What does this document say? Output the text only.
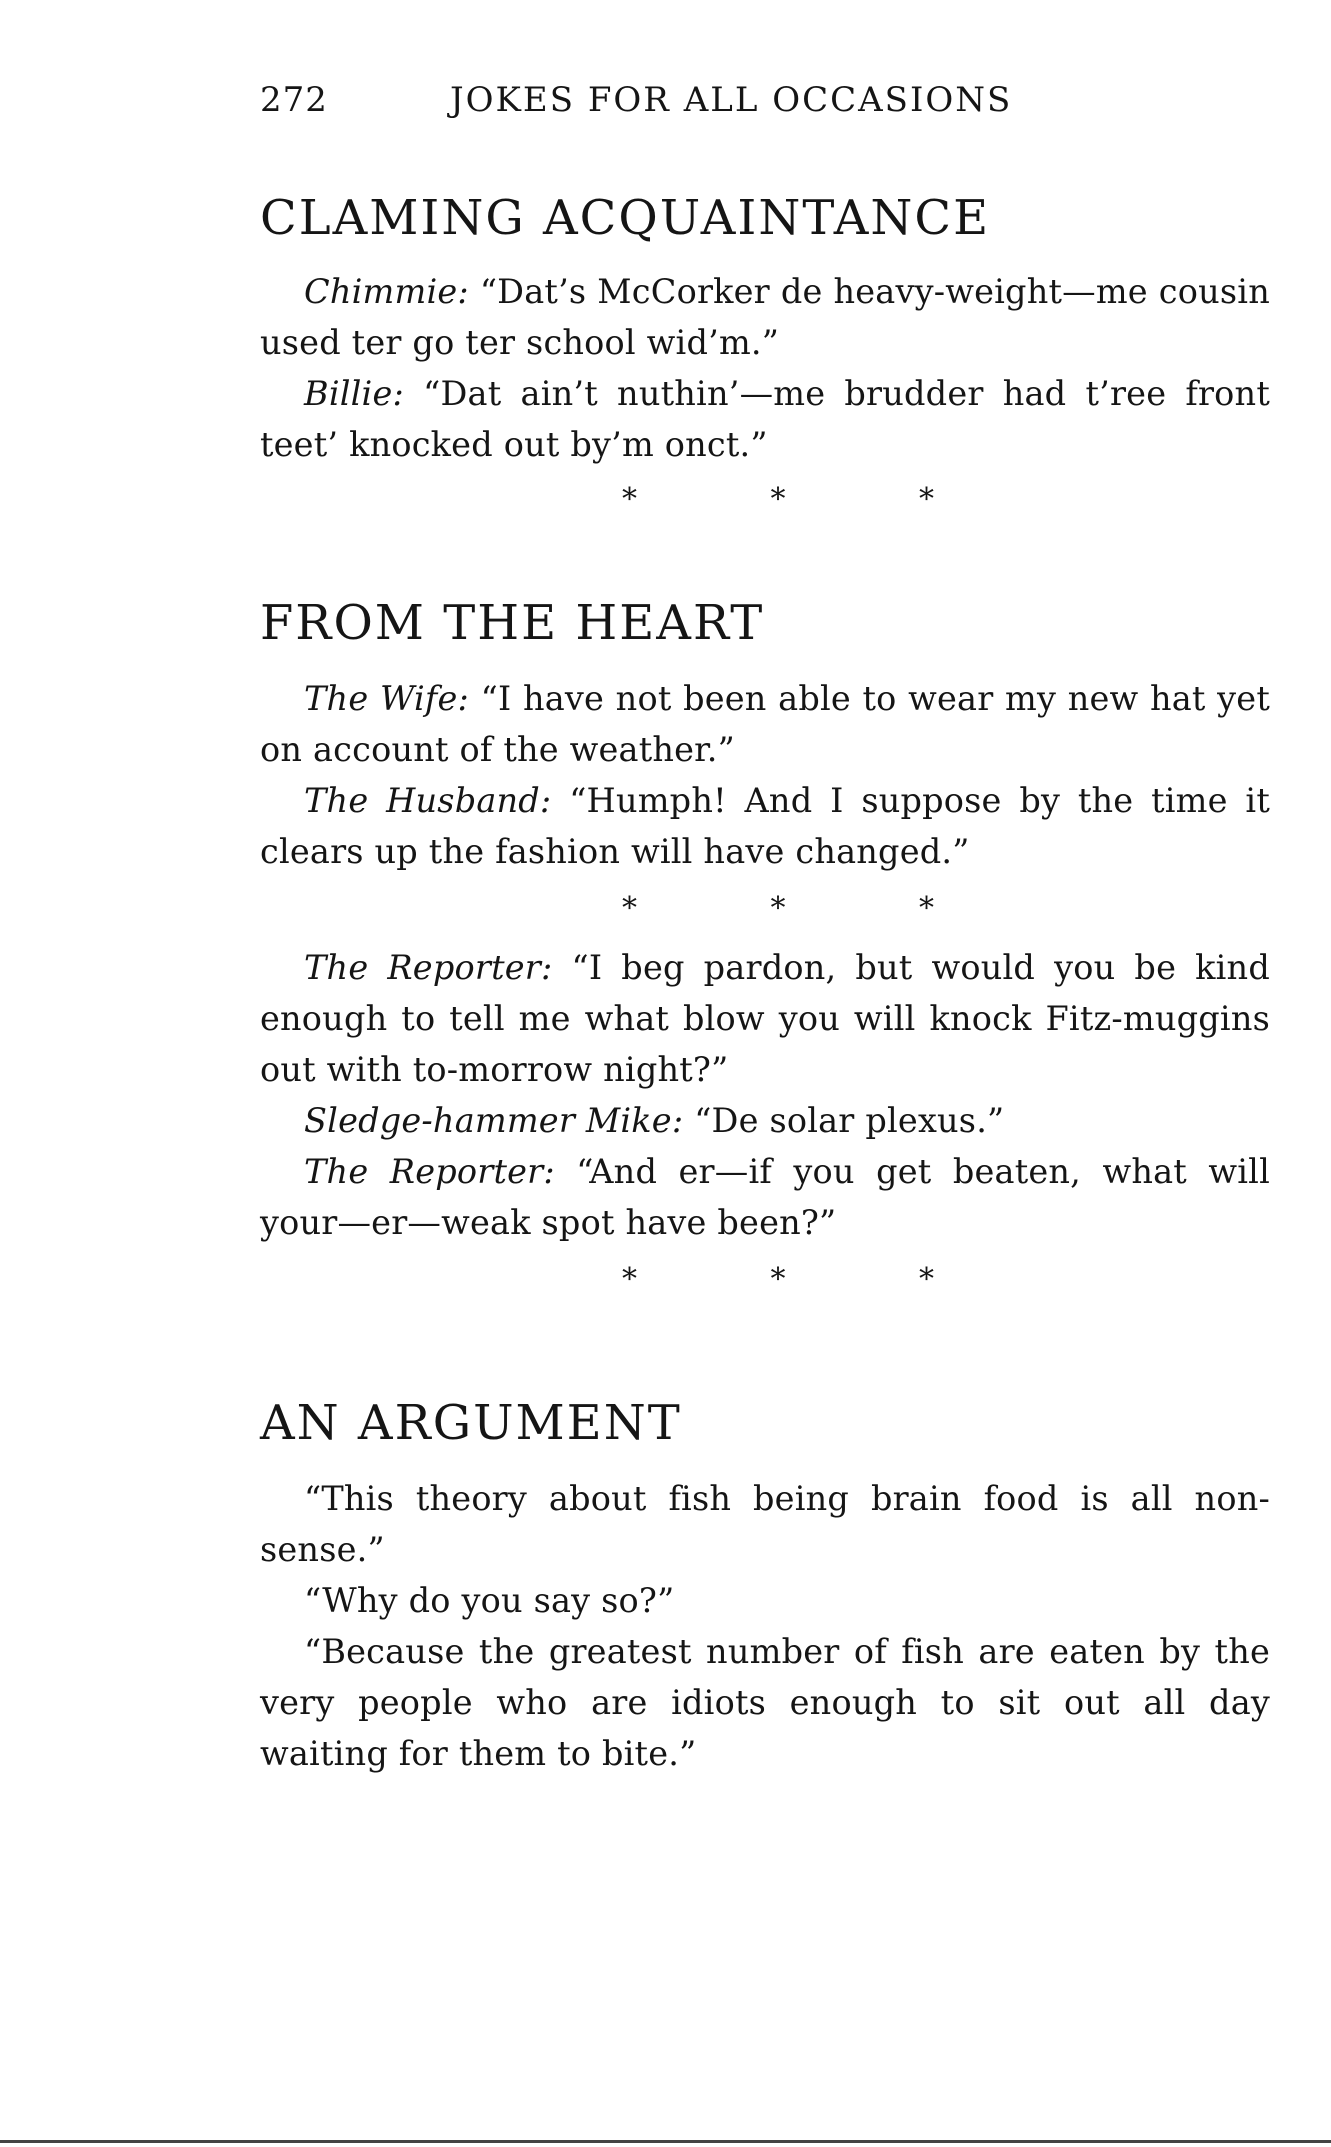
272	JOKES FOR ALL OCCASIONS
CLAMING ACQUAINTANCE

Chimmie: “Dat’s McCorker de heavy-weight—me cousin used ter go ter school wid’m.”

Billie: “Dat ain’t nuthin’—me brudder had t’ree front teet’ knocked out by’m onct.”

* * *

FROM THE HEART

The Wife: “I have not been able to wear my new hat yet on account of the weather.”

The Husband: “Humph! And I suppose by the time it clears up the fashion will have changed.”

* * *

The Reporter: “I beg pardon, but would you be kind enough to tell me what blow you will knock Fitz-muggins out with to-morrow night?”

Sledge-hammer Mike: “De solar plexus.”

The Reporter: “And er—if you get beaten, what will your—er—weak spot have been?”

* * *

AN ARGUMENT

“This theory about fish being brain food is all non-sense.”

“Why do you say so?”

“Because the greatest number of fish are eaten by the very people who are idiots enough to sit out all day waiting for them to bite.”
